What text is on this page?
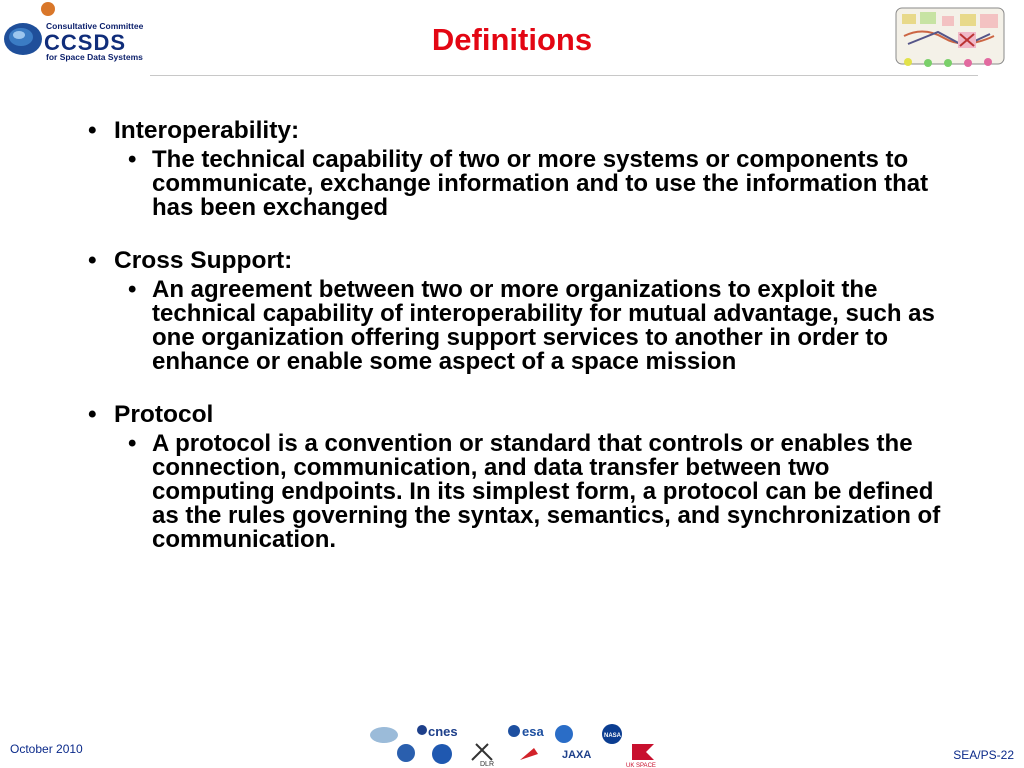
Consultative Committee
CCSDS
for Space Data Systems	Definitions
• Interoperability:
• The technical capability of two or more systems or components to communicate, exchange information and to use the information that has been exchanged
• Cross Support:
• An agreement between two or more organizations to exploit the technical capability of interoperability for mutual advantage, such as one organization offering support services to another in order to enhance or enable some aspect of a space mission
• Protocol
• A protocol is a convention or standard that controls or enables the connection, communication, and data transfer between two computing endpoints. In its simplest form, a protocol can be defined as the rules governing the syntax, semantics, and synchronization of communication.
October 2010
cnes	esa	NASA
DLR
JAXA
UK SPACE
SEA/PS-22
